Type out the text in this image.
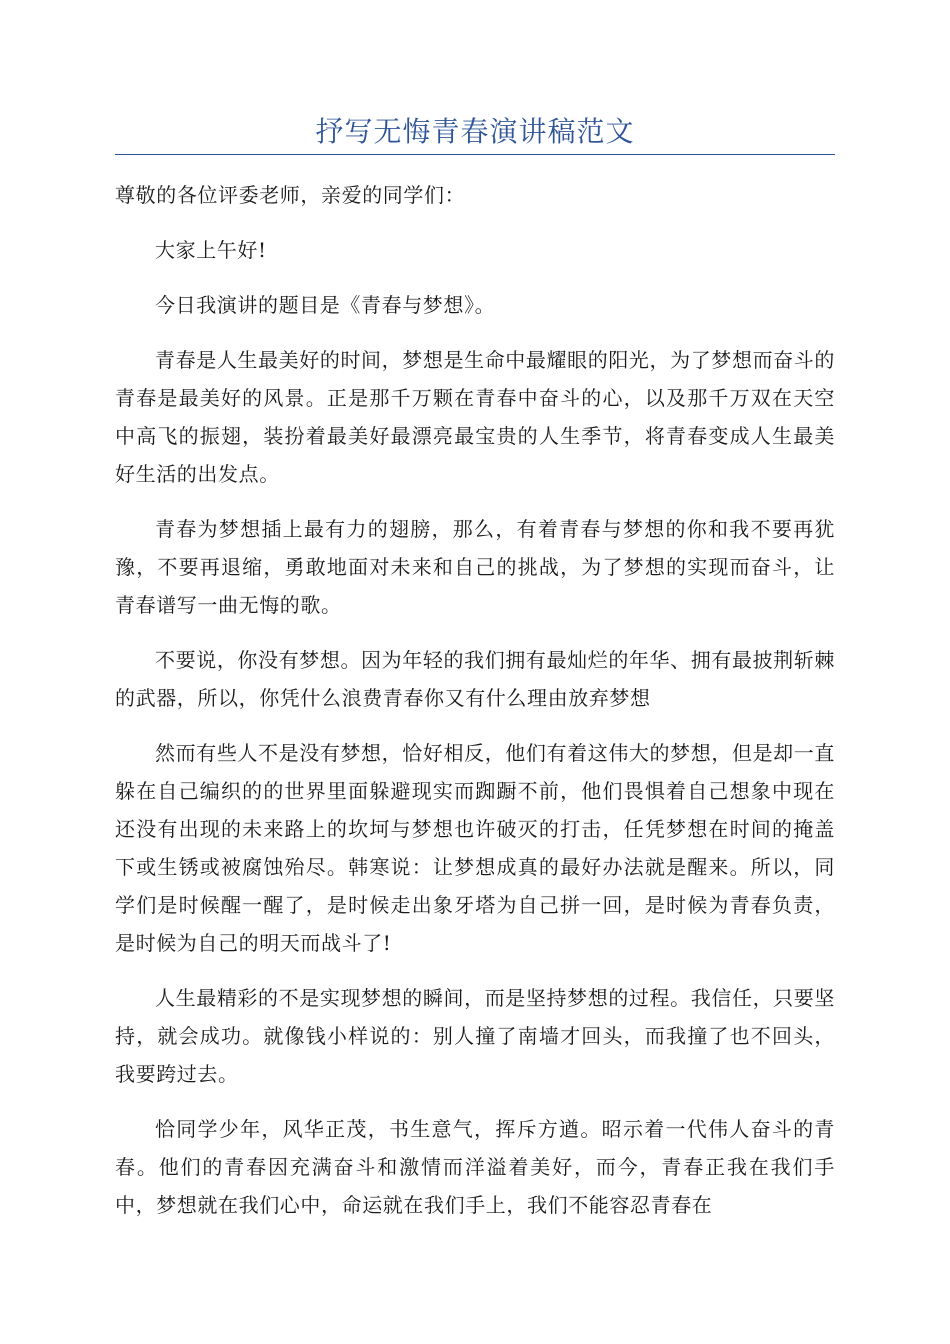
抒写无悔青春演讲稿范文

尊敬的各位评委老师，亲爱的同学们：

大家上午好!

今日我演讲的题目是《青春与梦想》。

青春是人生最美好的时间，梦想是生命中最耀眼的阳光，为了梦想而奋斗的青春是最美好的风景。正是那千万颗在青春中奋斗的心，以及那千万双在天空中高飞的振翅，装扮着最美好最漂亮最宝贵的人生季节，将青春变成人生最美好生活的出发点。

青春为梦想插上最有力的翅膀，那么，有着青春与梦想的你和我不要再犹豫，不要再退缩，勇敢地面对未来和自己的挑战，为了梦想的实现而奋斗，让青春谱写一曲无悔的歌。

不要说，你没有梦想。因为年轻的我们拥有最灿烂的年华、拥有最披荆斩棘的武器，所以，你凭什么浪费青春你又有什么理由放弃梦想

然而有些人不是没有梦想，恰好相反，他们有着这伟大的梦想，但是却一直躲在自己编织的的世界里面躲避现实而踟蹰不前，他们畏惧着自己想象中现在还没有出现的未来路上的坎坷与梦想也许破灭的打击，任凭梦想在时间的掩盖下或生锈或被腐蚀殆尽。韩寒说：让梦想成真的最好办法就是醒来。所以，同学们是时候醒一醒了，是时候走出象牙塔为自己拼一回，是时候为青春负责，是时候为自己的明天而战斗了!

人生最精彩的不是实现梦想的瞬间，而是坚持梦想的过程。我信任，只要坚持，就会成功。就像钱小样说的：别人撞了南墙才回头，而我撞了也不回头，我要跨过去。

恰同学少年，风华正茂，书生意气，挥斥方遒。昭示着一代伟人奋斗的青春。他们的青春因充满奋斗和激情而洋溢着美好，而今，青春正我在我们手中，梦想就在我们心中，命运就在我们手上，我们不能容忍青春在
